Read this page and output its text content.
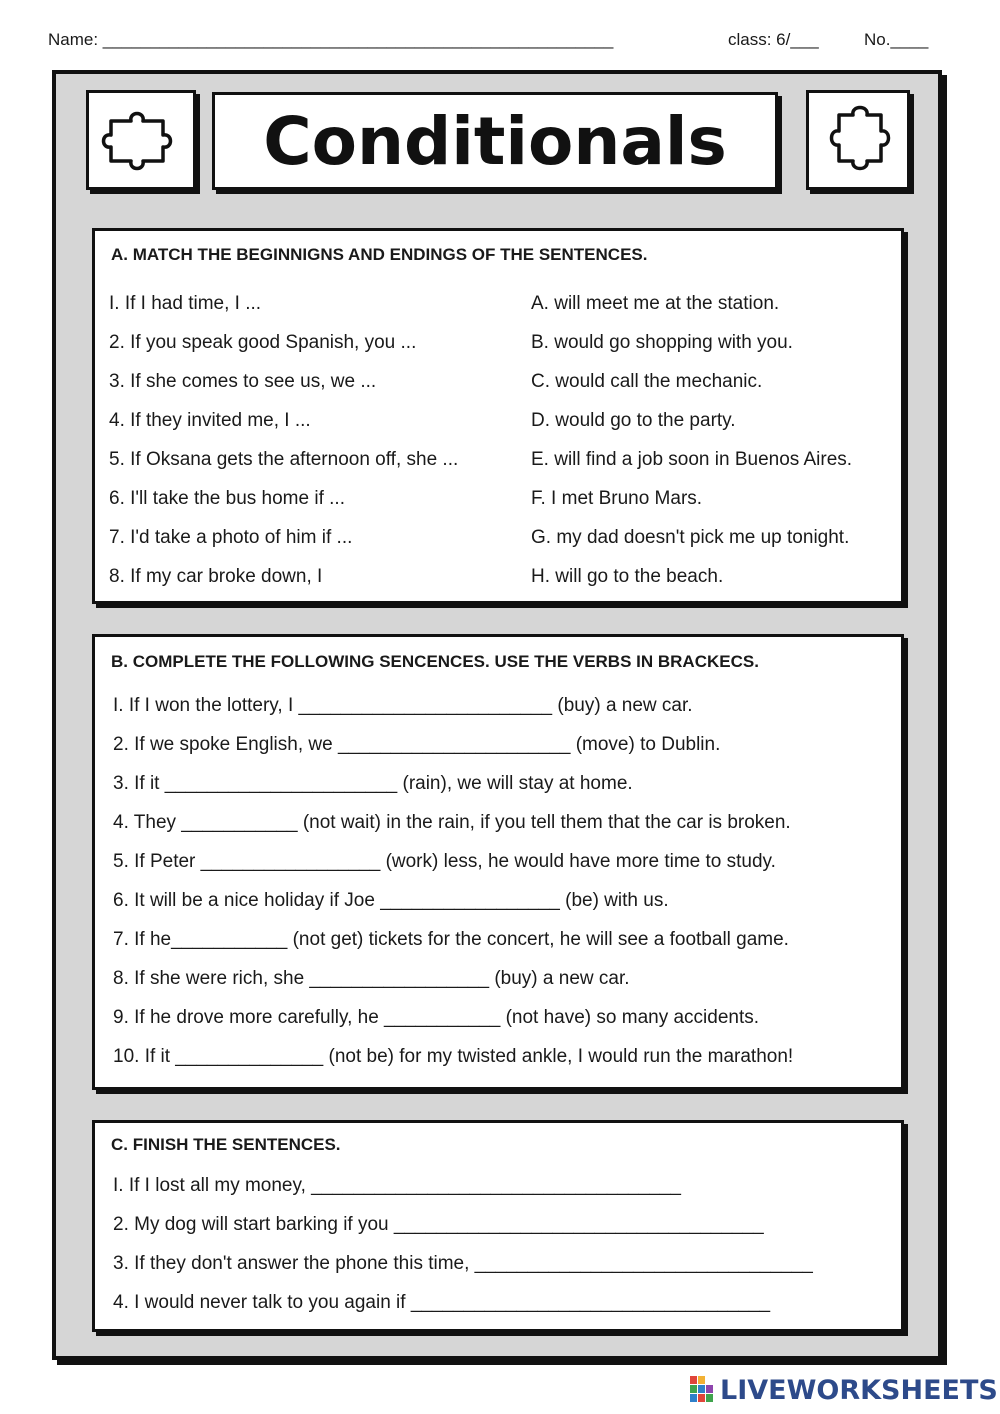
Name: ______________________________________________________	class: 6/___	No.____
Conditionals
A. MATCH THE BEGINNIGNS AND ENDINGS OF THE SENTENCES.
I. If I had time, I ...
2. If you speak good Spanish, you ...
3. If she comes to see us, we ...
4. If they invited me, I ...
5. If Oksana gets the afternoon off, she ...
6. I'll take the bus home if ...
7. I'd take a photo of him if ...
8. If my car broke down, I
A. will meet me at the station.
B. would go shopping with you.
C. would call the mechanic.
D. would go to the party.
E. will find a job soon in Buenos Aires.
F. I met Bruno Mars.
G. my dad doesn't pick me up tonight.
H. will go to the beach.
B. COMPLETE THE FOLLOWING SENCENCES. USE THE VERBS IN BRACKECS.
I. If I won the lottery, I ________________________ (buy) a new car.
2. If we spoke English, we ______________________ (move) to Dublin.
3. If it ______________________ (rain), we will stay at home.
4. They ___________ (not wait) in the rain, if you tell them that the car is broken.
5. If Peter _________________ (work) less, he would have more time to study.
6. It will be a nice holiday if Joe _________________ (be) with us.
7. If he___________ (not get) tickets for the concert, he will see a football game.
8. If she were rich, she _________________ (buy) a new car.
9. If he drove more carefully, he ___________ (not have) so many accidents.
10. If it ______________ (not be) for my twisted ankle, I would run the marathon!
C. FINISH THE SENTENCES.
I. If I lost all my money, ___________________________________
2. My dog will start barking if you ___________________________________
3. If they don't answer the phone this time, ________________________________
4. I would never talk to you again if __________________________________
LIVEWORKSHEETS
